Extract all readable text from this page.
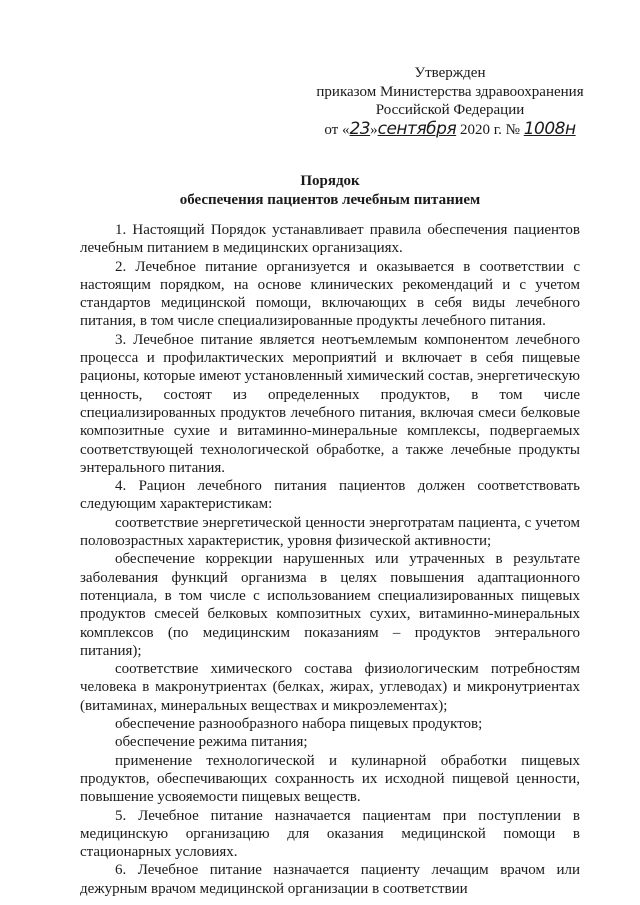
Утвержден
приказом Министерства здравоохранения
Российской Федерации
от «23»сентября 2020 г. № 1008н
Порядок
обеспечения пациентов лечебным питанием

1. Настоящий Порядок устанавливает правила обеспечения пациентов лечебным питанием в медицинских организациях.

2. Лечебное питание организуется и оказывается в соответствии с настоящим порядком, на основе клинических рекомендаций и с учетом стандартов медицинской помощи, включающих в себя виды лечебного питания, в том числе специализированные продукты лечебного питания.

3. Лечебное питание является неотъемлемым компонентом лечебного процесса и профилактических мероприятий и включает в себя пищевые рационы, которые имеют установленный химический состав, энергетическую ценность, состоят из определенных продуктов, в том числе специализированных продуктов лечебного питания, включая смеси белковые композитные сухие и витаминно-минеральные комплексы, подвергаемых соответствующей технологической обработке, а также лечебные продукты энтерального питания.

4. Рацион лечебного питания пациентов должен соответствовать следующим характеристикам:

соответствие энергетической ценности энерготратам пациента, с учетом половозрастных характеристик, уровня физической активности;

обеспечение коррекции нарушенных или утраченных в результате заболевания функций организма в целях повышения адаптационного потенциала, в том числе с использованием специализированных пищевых продуктов смесей белковых композитных сухих, витаминно-минеральных комплексов (по медицинским показаниям – продуктов энтерального питания);

соответствие химического состава физиологическим потребностям человека в макронутриентах (белках, жирах, углеводах) и микронутриентах (витаминах, минеральных веществах и микроэлементах);

обеспечение разнообразного набора пищевых продуктов;

обеспечение режима питания;

применение технологической и кулинарной обработки пищевых продуктов, обеспечивающих сохранность их исходной пищевой ценности, повышение усвояемости пищевых веществ.

5. Лечебное питание назначается пациентам при поступлении в медицинскую организацию для оказания медицинской помощи в стационарных условиях.

6. Лечебное питание назначается пациенту лечащим врачом или дежурным врачом медицинской организации в соответствии
